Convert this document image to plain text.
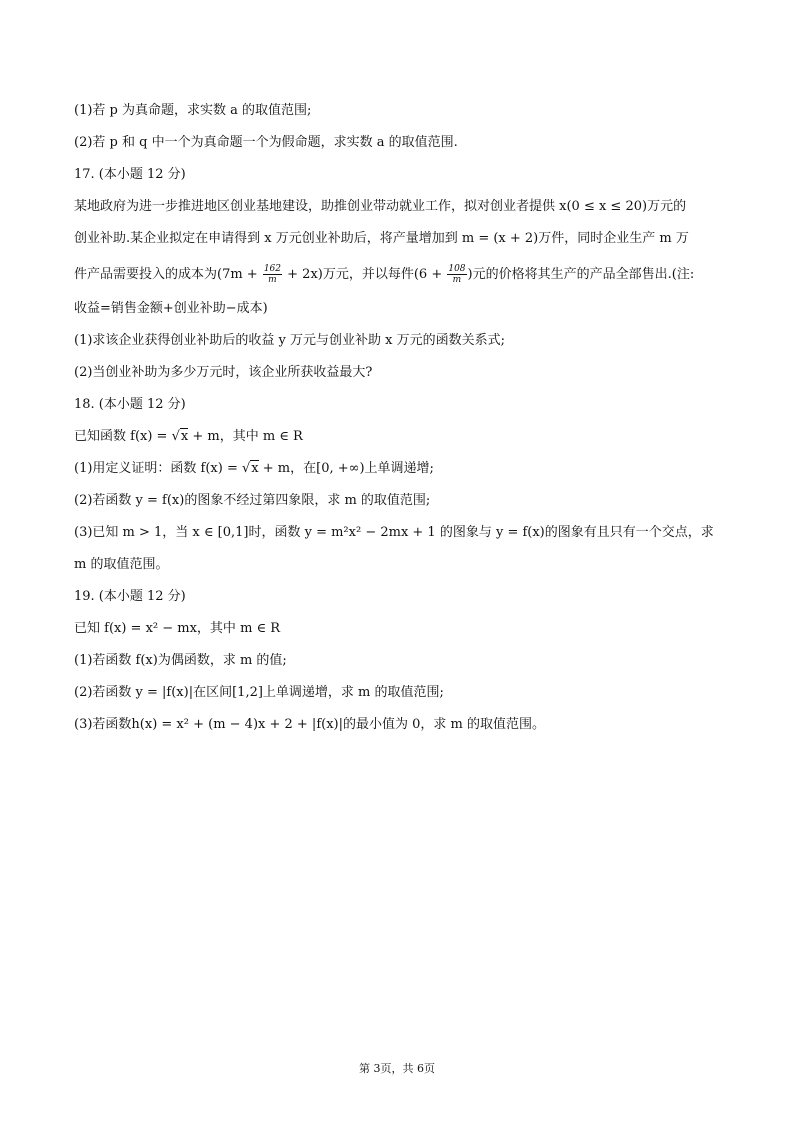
(1)若 p 为真命题，求实数 a 的取值范围;
(2)若 p 和 q 中一个为真命题一个为假命题，求实数 a 的取值范围.
17. (本小题 12 分)
某地政府为进一步推进地区创业基地建设，助推创业带动就业工作，拟对创业者提供 x(0 ≤ x ≤ 20)万元的
创业补助.某企业拟定在申请得到 x 万元创业补助后，将产量增加到 m = (x + 2)万件，同时企业生产 m 万
件产品需要投入的成本为$(7m + \frac{162}{m} + 2x)$万元，并以每件($6 + \frac{108}{m}$ )元的价格将其生产的产品全部售出.(注:
收益=销售金额+创业补助−成本)
(1)求该企业获得创业补助后的收益 y 万元与创业补助 x 万元的函数关系式;
(2)当创业补助为多少万元时，该企业所获收益最大?
18. (本小题 12 分)
已知函数 f(x) = √x + m，其中 m ∈ R
(1)用定义证明：函数 f(x) = √x + m，在[0, +∞)上单调递增;
(2)若函数 y = f(x)的图象不经过第四象限，求 m 的取值范围;
(3)已知 m > 1，当 x ∈ [0,1]时，函数 y = m²x² − 2mx + 1 的图象与 y = f(x)的图象有且只有一个交点，求
m 的取值范围。
19. (本小题 12 分)
已知 f(x) = x² − mx，其中 m ∈ R
(1)若函数 f(x)为偶函数，求 m 的值;
(2)若函数 y = |f(x)|在区间[1,2]上单调递增，求 m 的取值范围;
(3)若函数h(x) = x² + (m − 4)x + 2 + |f(x)|的最小值为 0，求 m 的取值范围。
第 3页，共 6页
